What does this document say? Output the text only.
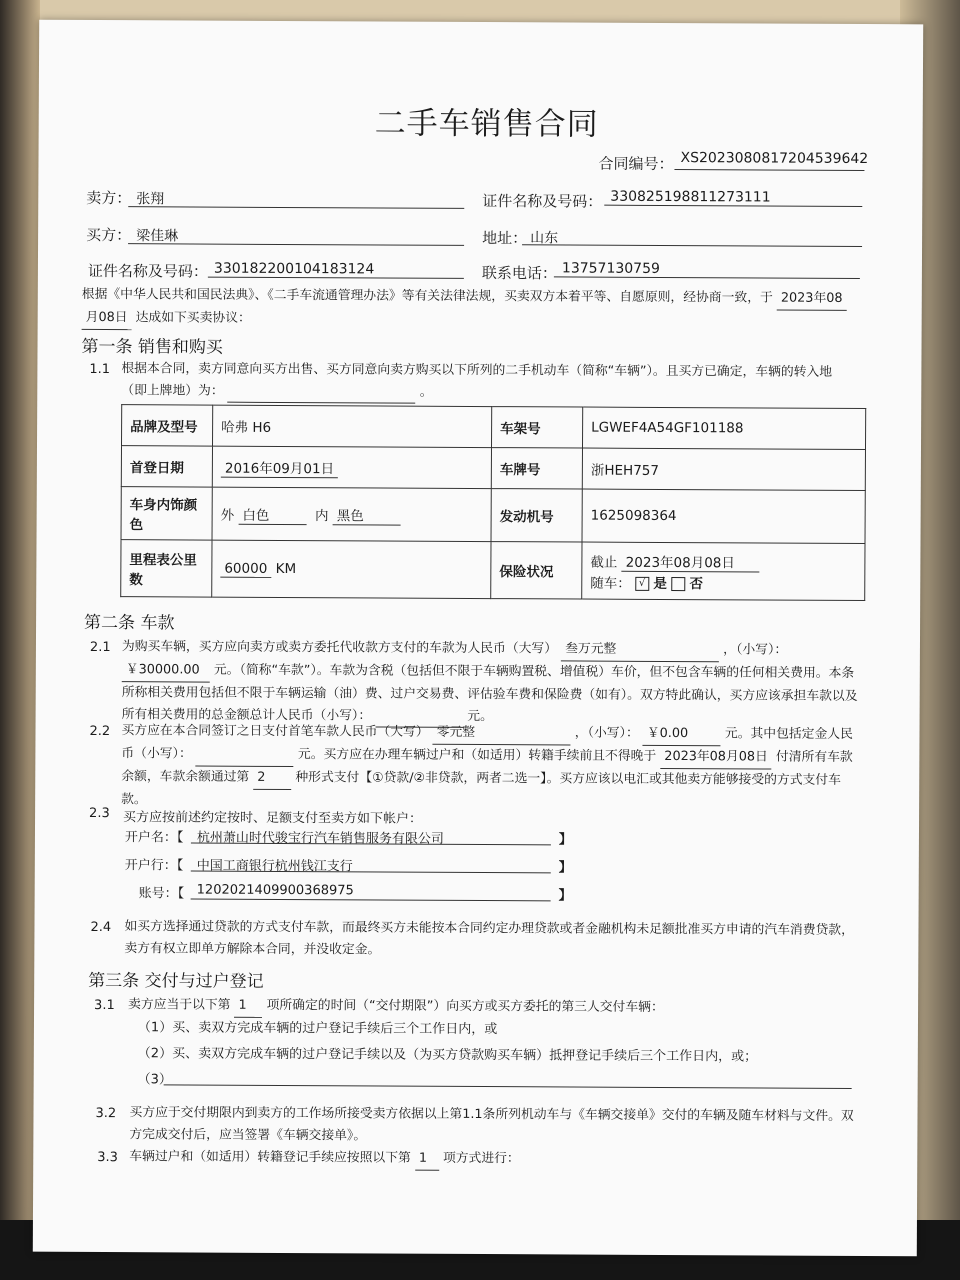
二手车销售合同
合同编号： XS20230808172045396​42
卖方： 张翔	证件名称及号码： 330825198811273111
买方： 梁佳琳	地址： 山东
证件名称及号码： 330182200104183124	联系电话： 13757130759
根据《中华人民共和国民法典》、《二手车流通管理办法》等有关法律法规，买卖双方本着平等、自愿原则，经协商一致，于 2023年08
月08日 达成如下买卖协议：
第一条 销售和购买
1.1 根据本合同，卖方同意向买方出售、买方同意向卖方购买以下所列的二手机动车（简称“车辆”）。且买方已确定，车辆的转入地
（即上牌地）为：	。
品牌及型号	哈弗 H6	车架号	LGWEF4A54GF101188
首登日期	2016年09月01日	车牌号	浙HEH757
车身内饰颜色	外 白色 内 黑色	发动机号	1625098364
里程表公里数	60000 KM	保险状况	截止 2023年08月08日
随车： √ 是 否
第二条 车款
2.1 为购买车辆，买方应向卖方或卖方委托代收款方支付的车款为人民币（大写） 叁万元整	，（小写）： ￥30000.00 元。（简称“车款”）。车款为含税（包括但不限于车辆购置税、增值税）车价，但不包含车辆的任何相关费用。本条所称相关费用包括但不限于车辆运输（油）费、过户交易费、评估验车费和保险费（如有）。双方特此确认，买方应该承担车款以及所有相关费用的总金额总计人民币（小写）：	元。
2.2 买方应在本合同签订之日支付首笔车款人民币（大写） 零元整	，（小写）： ￥0.00	元。其中包括定金人民币（小写）：	元。买方应在办理车辆过户和（如适用）转籍手续前且不得晚于 2023年08月08日 付清所有车款余额，车款余额通过第 2 种形式支付【①贷款/②非贷款，两者二选一】。买方应该以电汇或其他卖方能够接受的方式支付车款。
2.3 买方应按前述约定按时、足额支付至卖方如下帐户：
开户名：【 杭州萧山时代骏宝行汽车销售服务有限公司	】
开户行：【 中国工商银行杭州钱江支行	】
账号：【 1202021409900368975	】
2.4 如买方选择通过贷款的方式支付车款，而最终买方未能按本合同约定办理贷款或者金融机构未足额批准买方申请的汽车消费贷款，卖方有权立即单方解除本合同，并没收定金。
第三条 交付与过户登记
3.1 卖方应当于以下第 1 项所确定的时间（“交付期限”）向买方或买方委托的第三人交付车辆：
（1）买、卖双方完成车辆的过户登记手续后三个工作日内，或
（2）买、卖双方完成车辆的过户登记手续以及（为买方贷款购买车辆）抵押登记手续后三个工作日内，或；
（3）
3.2 买方应于交付期限内到卖方的工作场所接受卖方依据以上第1.1条所列机动车与《车辆交接单》交付的车辆及随车材料与文件。双方完成交付后，应当签署《车辆交接单》。
3.3 车辆过户和（如适用）转籍登记手续应按照以下第 1 项方式进行：
